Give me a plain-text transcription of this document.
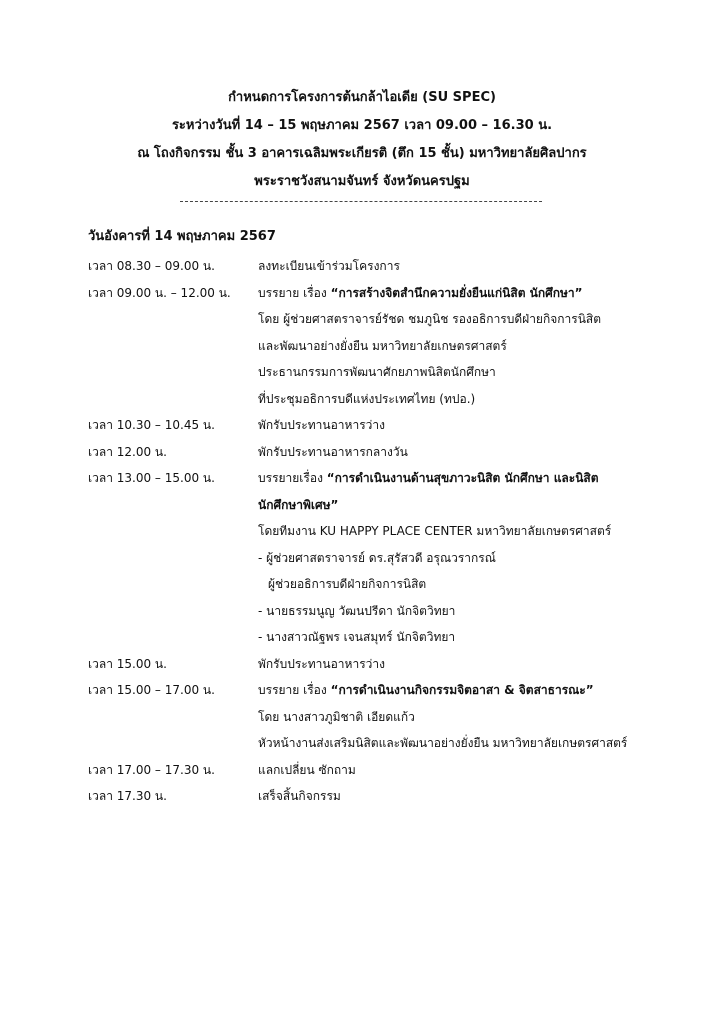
กำหนดการโครงการต้นกล้าไอเดีย (SU SPEC)
ระหว่างวันที่ 14 – 15 พฤษภาคม 2567 เวลา 09.00 – 16.30 น.
ณ โถงกิจกรรม ชั้น 3 อาคารเฉลิมพระเกียรติ (ตึก 15 ชั้น) มหาวิทยาลัยศิลปากร
พระราชวังสนามจันทร์ จังหวัดนครปฐม
วันอังคารที่ 14 พฤษภาคม 2567
เวลา 08.30 – 09.00 น.	ลงทะเบียนเข้าร่วมโครงการ
เวลา 09.00 น. – 12.00 น.	บรรยาย เรื่อง “การสร้างจิตสำนึกความยั่งยืนแก่นิสิต นักศึกษา”
โดย ผู้ช่วยศาสตราจารย์รัชด ชมภูนิช รองอธิการบดีฝ่ายกิจการนิสิต
และพัฒนาอย่างยั่งยืน มหาวิทยาลัยเกษตรศาสตร์
ประธานกรรมการพัฒนาศักยภาพนิสิตนักศึกษา
ที่ประชุมอธิการบดีแห่งประเทศไทย (ทปอ.)
เวลา 10.30 – 10.45 น.	พักรับประทานอาหารว่าง
เวลา 12.00 น.	พักรับประทานอาหารกลางวัน
เวลา 13.00 – 15.00 น.	บรรยายเรื่อง “การดำเนินงานด้านสุขภาวะนิสิต นักศึกษา และนิสิต
นักศึกษาพิเศษ”
โดยทีมงาน KU HAPPY PLACE CENTER มหาวิทยาลัยเกษตรศาสตร์
- ผู้ช่วยศาสตราจารย์ ดร.สุรัสวดี อรุณวรากรณ์
ผู้ช่วยอธิการบดีฝ่ายกิจการนิสิต
- นายธรรมนูญ วัฒนปรีดา นักจิตวิทยา
- นางสาวณัฐพร เจนสมุทร์ นักจิตวิทยา
เวลา 15.00 น.	พักรับประทานอาหารว่าง
เวลา 15.00 – 17.00 น.	บรรยาย เรื่อง “การดำเนินงานกิจกรรมจิตอาสา & จิตสาธารณะ”
โดย นางสาวภูมิชาติ เอียดแก้ว
หัวหน้างานส่งเสริมนิสิตและพัฒนาอย่างยั่งยืน มหาวิทยาลัยเกษตรศาสตร์
เวลา 17.00 – 17.30 น.	แลกเปลี่ยน ซักถาม
เวลา 17.30 น.	เสร็จสิ้นกิจกรรม
